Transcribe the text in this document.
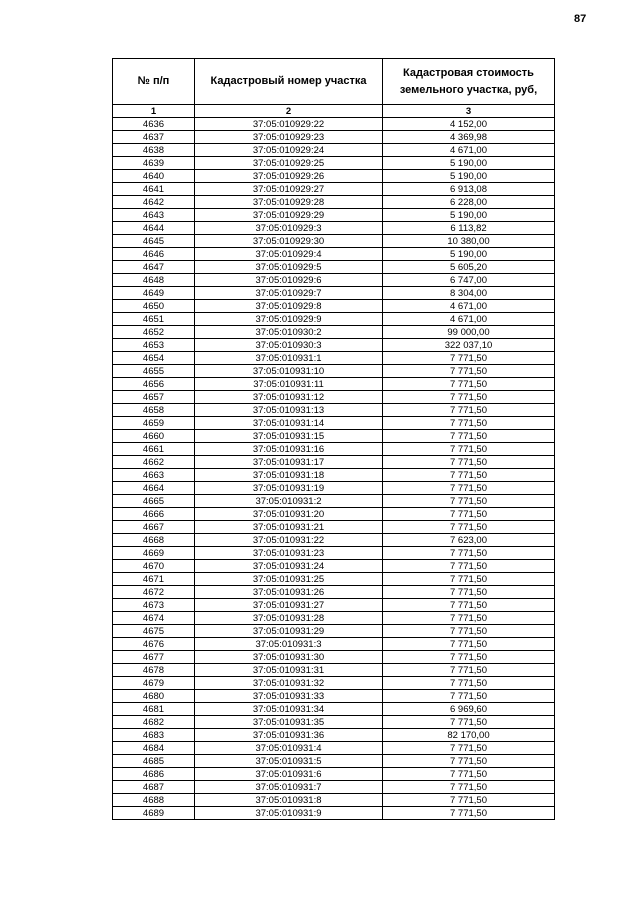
87
№ п/п	Кадастровый номер участка	Кадастровая стоимость земельного участка, руб,
1	2	3
4636	37:05:010929:22	4 152,00
4637	37:05:010929:23	4 369,98
4638	37:05:010929:24	4 671,00
4639	37:05:010929:25	5 190,00
4640	37:05:010929:26	5 190,00
4641	37:05:010929:27	6 913,08
4642	37:05:010929:28	6 228,00
4643	37:05:010929:29	5 190,00
4644	37:05:010929:3	6 113,82
4645	37:05:010929:30	10 380,00
4646	37:05:010929:4	5 190,00
4647	37:05:010929:5	5 605,20
4648	37:05:010929:6	6 747,00
4649	37:05:010929:7	8 304,00
4650	37:05:010929:8	4 671,00
4651	37:05:010929:9	4 671,00
4652	37:05:010930:2	99 000,00
4653	37:05:010930:3	322 037,10
4654	37:05:010931:1	7 771,50
4655	37:05:010931:10	7 771,50
4656	37:05:010931:11	7 771,50
4657	37:05:010931:12	7 771,50
4658	37:05:010931:13	7 771,50
4659	37:05:010931:14	7 771,50
4660	37:05:010931:15	7 771,50
4661	37:05:010931:16	7 771,50
4662	37:05:010931:17	7 771,50
4663	37:05:010931:18	7 771,50
4664	37:05:010931:19	7 771,50
4665	37:05:010931:2	7 771,50
4666	37:05:010931:20	7 771,50
4667	37:05:010931:21	7 771,50
4668	37:05:010931:22	7 623,00
4669	37:05:010931:23	7 771,50
4670	37:05:010931:24	7 771,50
4671	37:05:010931:25	7 771,50
4672	37:05:010931:26	7 771,50
4673	37:05:010931:27	7 771,50
4674	37:05:010931:28	7 771,50
4675	37:05:010931:29	7 771,50
4676	37:05:010931:3	7 771,50
4677	37:05:010931:30	7 771,50
4678	37:05:010931:31	7 771,50
4679	37:05:010931:32	7 771,50
4680	37:05:010931:33	7 771,50
4681	37:05:010931:34	6 969,60
4682	37:05:010931:35	7 771,50
4683	37:05:010931:36	82 170,00
4684	37:05:010931:4	7 771,50
4685	37:05:010931:5	7 771,50
4686	37:05:010931:6	7 771,50
4687	37:05:010931:7	7 771,50
4688	37:05:010931:8	7 771,50
4689	37:05:010931:9	7 771,50
